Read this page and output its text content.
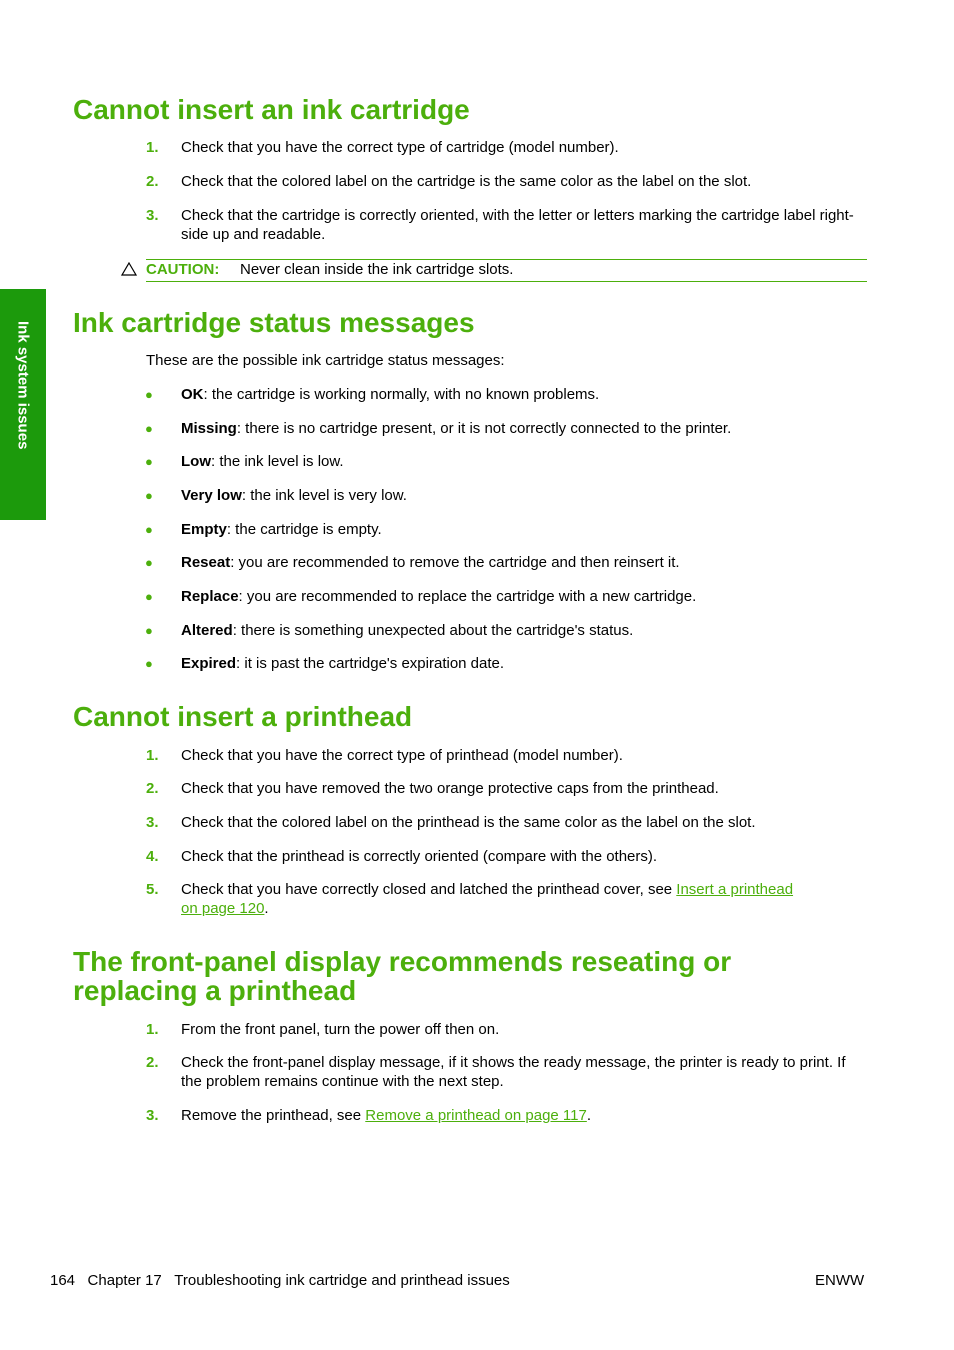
Ink system issues
Cannot insert an ink cartridge
1. Check that you have the correct type of cartridge (model number).
2. Check that the colored label on the cartridge is the same color as the label on the slot.
3. Check that the cartridge is correctly oriented, with the letter or letters marking the cartridge label right-side up and readable.
CAUTION: Never clean inside the ink cartridge slots.
Ink cartridge status messages
These are the possible ink cartridge status messages:
● OK: the cartridge is working normally, with no known problems.
● Missing: there is no cartridge present, or it is not correctly connected to the printer.
● Low: the ink level is low.
● Very low: the ink level is very low.
● Empty: the cartridge is empty.
● Reseat: you are recommended to remove the cartridge and then reinsert it.
● Replace: you are recommended to replace the cartridge with a new cartridge.
● Altered: there is something unexpected about the cartridge's status.
● Expired: it is past the cartridge's expiration date.
Cannot insert a printhead
1. Check that you have the correct type of printhead (model number).
2. Check that you have removed the two orange protective caps from the printhead.
3. Check that the colored label on the printhead is the same color as the label on the slot.
4. Check that the printhead is correctly oriented (compare with the others).
5. Check that you have correctly closed and latched the printhead cover, see Insert a printhead
on page 120.
The front-panel display recommends reseating or
replacing a printhead
1. From the front panel, turn the power off then on.
2. Check the front-panel display message, if it shows the ready message, the printer is ready to print. If the problem remains continue with the next step.
3. Remove the printhead, see Remove a printhead on page 117.
164 Chapter 17 Troubleshooting ink cartridge and printhead issues	ENWW
